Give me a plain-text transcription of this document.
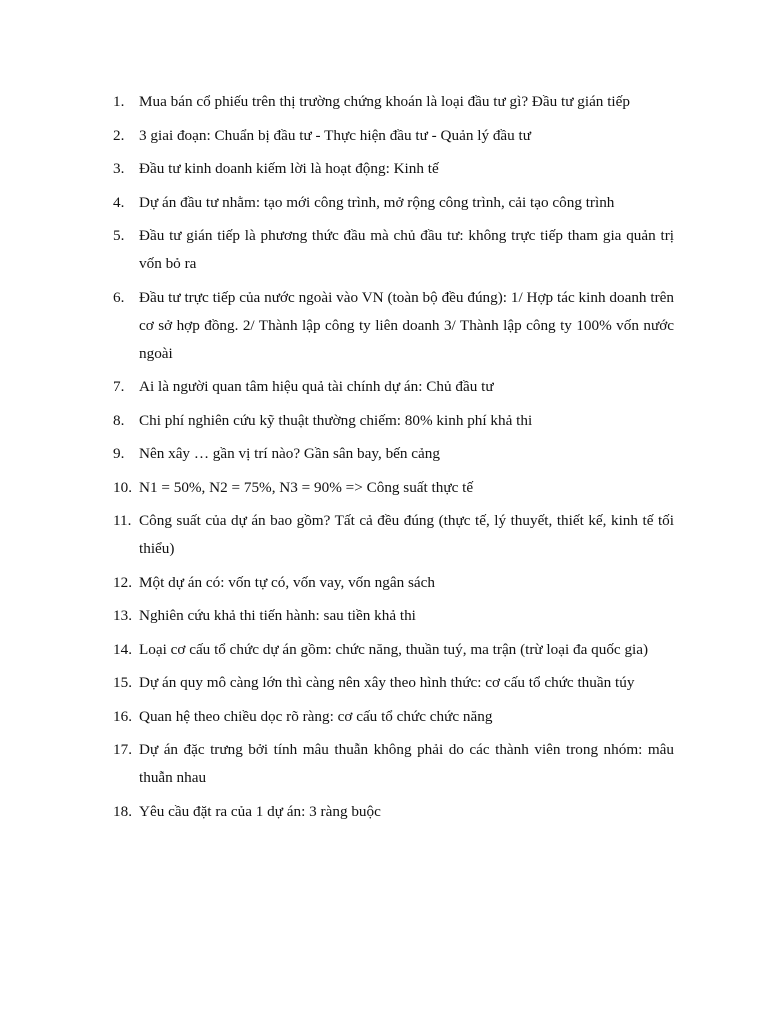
1. Mua bán cổ phiếu trên thị trường chứng khoán là loại đầu tư gì? Đầu tư gián tiếp
2. 3 giai đoạn: Chuẩn bị đầu tư - Thực hiện đầu tư - Quản lý đầu tư
3. Đầu tư kinh doanh kiếm lời là hoạt động: Kinh tế
4. Dự án đầu tư nhằm: tạo mới công trình, mở rộng công trình, cải tạo công trình
5. Đầu tư gián tiếp là phương thức đầu mà chủ đầu tư: không trực tiếp tham gia quản trị vốn bỏ ra
6. Đầu tư trực tiếp của nước ngoài vào VN (toàn bộ đều đúng): 1/ Hợp tác kinh doanh trên cơ sở hợp đồng. 2/ Thành lập công ty liên doanh 3/ Thành lập công ty 100% vốn nước ngoài
7. Ai là người quan tâm hiệu quả tài chính dự án: Chủ đầu tư
8. Chi phí nghiên cứu kỹ thuật thường chiếm: 80% kinh phí khả thi
9. Nên xây … gần vị trí nào? Gần sân bay, bến cảng
10. N1 = 50%, N2 = 75%, N3 = 90% => Công suất thực tế
11. Công suất của dự án bao gồm? Tất cả đều đúng (thực tế, lý thuyết, thiết kế, kinh tế tối thiểu)
12. Một dự án có: vốn tự có, vốn vay, vốn ngân sách
13. Nghiên cứu khả thi tiến hành: sau tiền khả thi
14. Loại cơ cấu tổ chức dự án gồm: chức năng, thuần tuý, ma trận (trừ loại đa quốc gia)
15. Dự án quy mô càng lớn thì càng nên xây theo hình thức: cơ cấu tổ chức thuần túy
16. Quan hệ theo chiều dọc rõ ràng: cơ cấu tổ chức chức năng
17. Dự án đặc trưng bởi tính mâu thuẫn không phải do các thành viên trong nhóm: mâu thuẫn nhau
18. Yêu cầu đặt ra của 1 dự án: 3 ràng buộc
